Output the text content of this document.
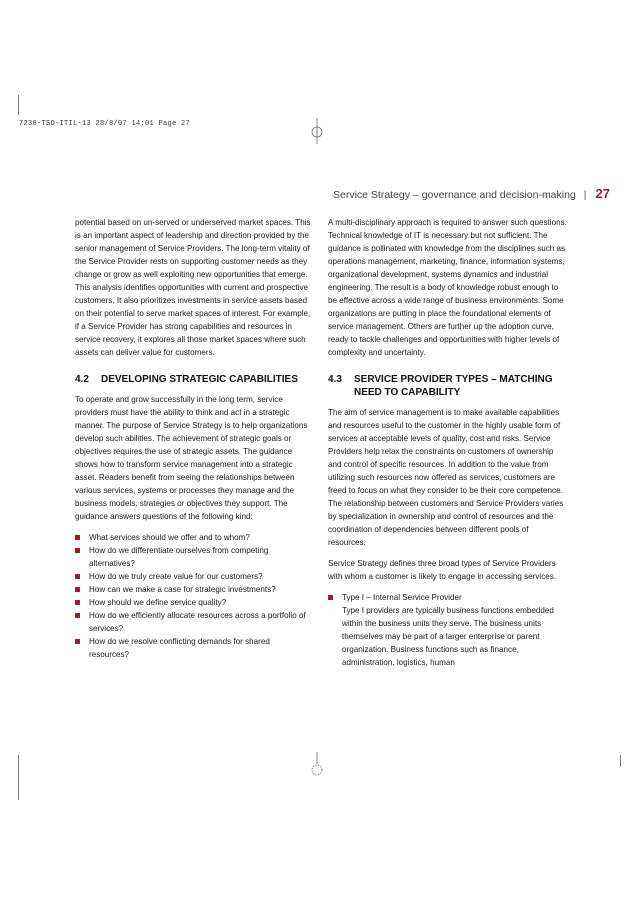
7238-TSO-ITIL-13 28/8/07 14:01 Page 27
Service Strategy – governance and decision-making | 27

potential based on un-served or underserved market spaces. This is an important aspect of leadership and direction provided by the senior management of Service Providers. The long-term vitality of the Service Provider rests on supporting customer needs as they change or grow as well exploiting new opportunities that emerge. This analysis identifies opportunities with current and prospective customers. It also prioritizes investments in service assets based on their potential to serve market spaces of interest. For example, if a Service Provider has strong capabilities and resources in service recovery, it explores all those market spaces where such assets can deliver value for customers.

4.2	DEVELOPING STRATEGIC CAPABILITIES

To operate and grow successfully in the long term, service providers must have the ability to think and act in a strategic manner. The purpose of Service Strategy is to help organizations develop such abilities. The achievement of strategic goals or objectives requires the use of strategic assets. The guidance shows how to transform service management into a strategic asset. Readers benefit from seeing the relationships between various services, systems or processes they manage and the business models, strategies or objectives they support. The guidance answers questions of the following kind:

What services should we offer and to whom?
How do we differentiate ourselves from competing alternatives?
How do we truly create value for our customers?
How can we make a case for strategic investments?
How should we define service quality?
How do we efficiently allocate resources across a portfolio of services?
How do we resolve conflicting demands for shared resources?

A multi-disciplinary approach is required to answer such questions. Technical knowledge of IT is necessary but not sufficient. The guidance is pollinated with knowledge from the disciplines such as operations management, marketing, finance, information systems, organizational development, systems dynamics and industrial engineering. The result is a body of knowledge robust enough to be effective across a wide range of business environments. Some organizations are putting in place the foundational elements of service management. Others are further up the adoption curve, ready to tackle challenges and opportunities with higher levels of complexity and uncertainty.

4.3	SERVICE PROVIDER TYPES – MATCHING NEED TO CAPABILITY

The aim of service management is to make available capabilities and resources useful to the customer in the highly usable form of services at acceptable levels of quality, cost and risks. Service Providers help relax the constraints on customers of ownership and control of specific resources. In addition to the value from utilizing such resources now offered as services, customers are freed to focus on what they consider to be their core competence. The relationship between customers and Service Providers varies by specialization in ownership and control of resources and the coordination of dependencies between different pools of resources.

Service Strategy defines three broad types of Service Providers with whom a customer is likely to engage in accessing services.

Type I – Internal Service Provider

Type I providers are typically business functions embedded within the business units they serve. The business units themselves may be part of a larger enterprise or parent organization. Business functions such as finance, administration, logistics, human
